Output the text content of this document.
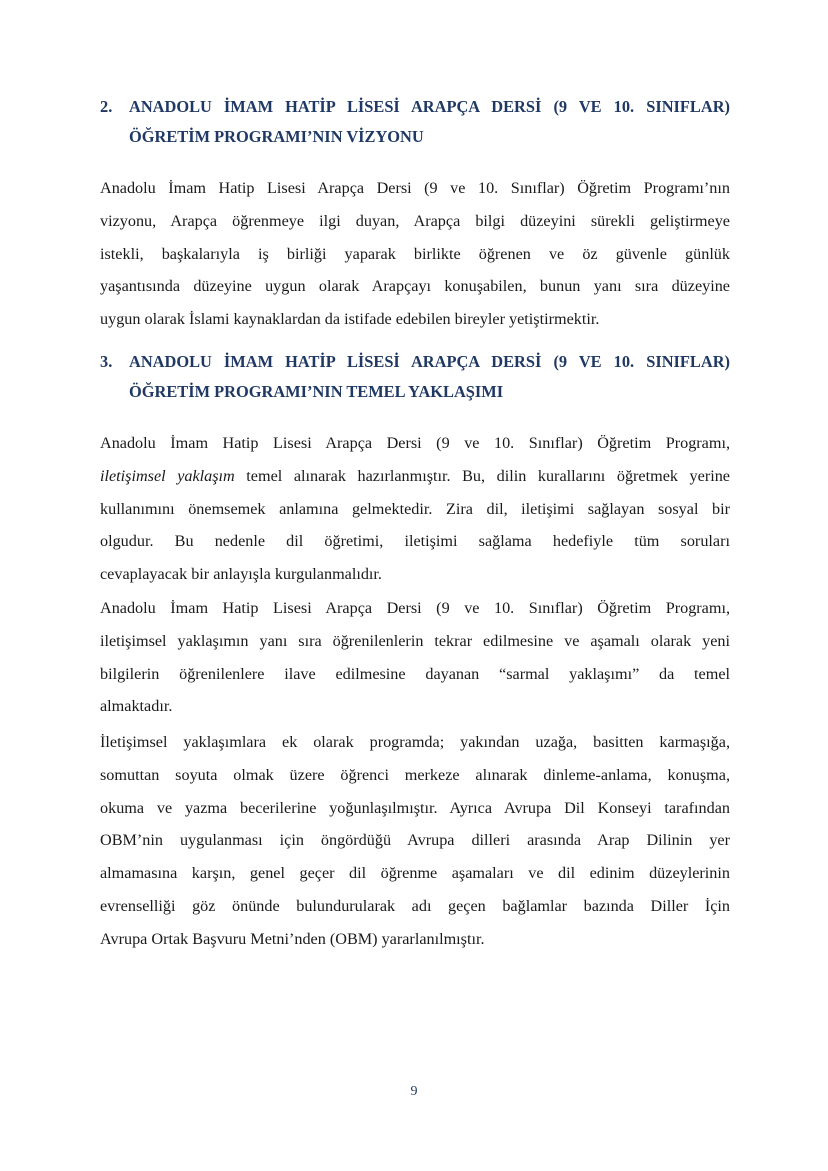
2.	ANADOLU İMAM HATİP LİSESİ ARAPÇA DERSİ (9 VE 10. SINIFLAR)
ÖĞRETİM PROGRAMI’NIN VİZYONU
Anadolu İmam Hatip Lisesi Arapça Dersi (9 ve 10. Sınıflar) Öğretim Programı’nın
vizyonu, Arapça öğrenmeye ilgi duyan, Arapça bilgi düzeyini sürekli geliştirmeye
istekli, başkalarıyla iş birliği yaparak birlikte öğrenen ve öz güvenle günlük
yaşantısında düzeyine uygun olarak Arapçayı konuşabilen, bunun yanı sıra düzeyine
uygun olarak İslami kaynaklardan da istifade edebilen bireyler yetiştirmektir.
3.	ANADOLU İMAM HATİP LİSESİ ARAPÇA DERSİ (9 VE 10. SINIFLAR)
ÖĞRETİM PROGRAMI’NIN TEMEL YAKLAŞIMI
Anadolu İmam Hatip Lisesi Arapça Dersi (9 ve 10. Sınıflar) Öğretim Programı,
iletişimsel yaklaşım temel alınarak hazırlanmıştır. Bu, dilin kurallarını öğretmek yerine
kullanımını önemsemek anlamına gelmektedir. Zira dil, iletişimi sağlayan sosyal bir
olgudur. Bu nedenle dil öğretimi, iletişimi sağlama hedefiyle tüm soruları
cevaplayacak bir anlayışla kurgulanmalıdır.
Anadolu İmam Hatip Lisesi Arapça Dersi (9 ve 10. Sınıflar) Öğretim Programı,
iletişimsel yaklaşımın yanı sıra öğrenilenlerin tekrar edilmesine ve aşamalı olarak yeni
bilgilerin öğrenilenlere ilave edilmesine dayanan “sarmal yaklaşımı” da temel
almaktadır.
İletişimsel yaklaşımlara ek olarak programda; yakından uzağa, basitten karmaşığa,
somuttan soyuta olmak üzere öğrenci merkeze alınarak dinleme-anlama, konuşma,
okuma ve yazma becerilerine yoğunlaşılmıştır. Ayrıca Avrupa Dil Konseyi tarafından
OBM’nin uygulanması için öngördüğü Avrupa dilleri arasında Arap Dilinin yer
almamasına karşın, genel geçer dil öğrenme aşamaları ve dil edinim düzeylerinin
evrenselliği göz önünde bulundurularak adı geçen bağlamlar bazında Diller İçin
Avrupa Ortak Başvuru Metni’nden (OBM) yararlanılmıştır.
9
